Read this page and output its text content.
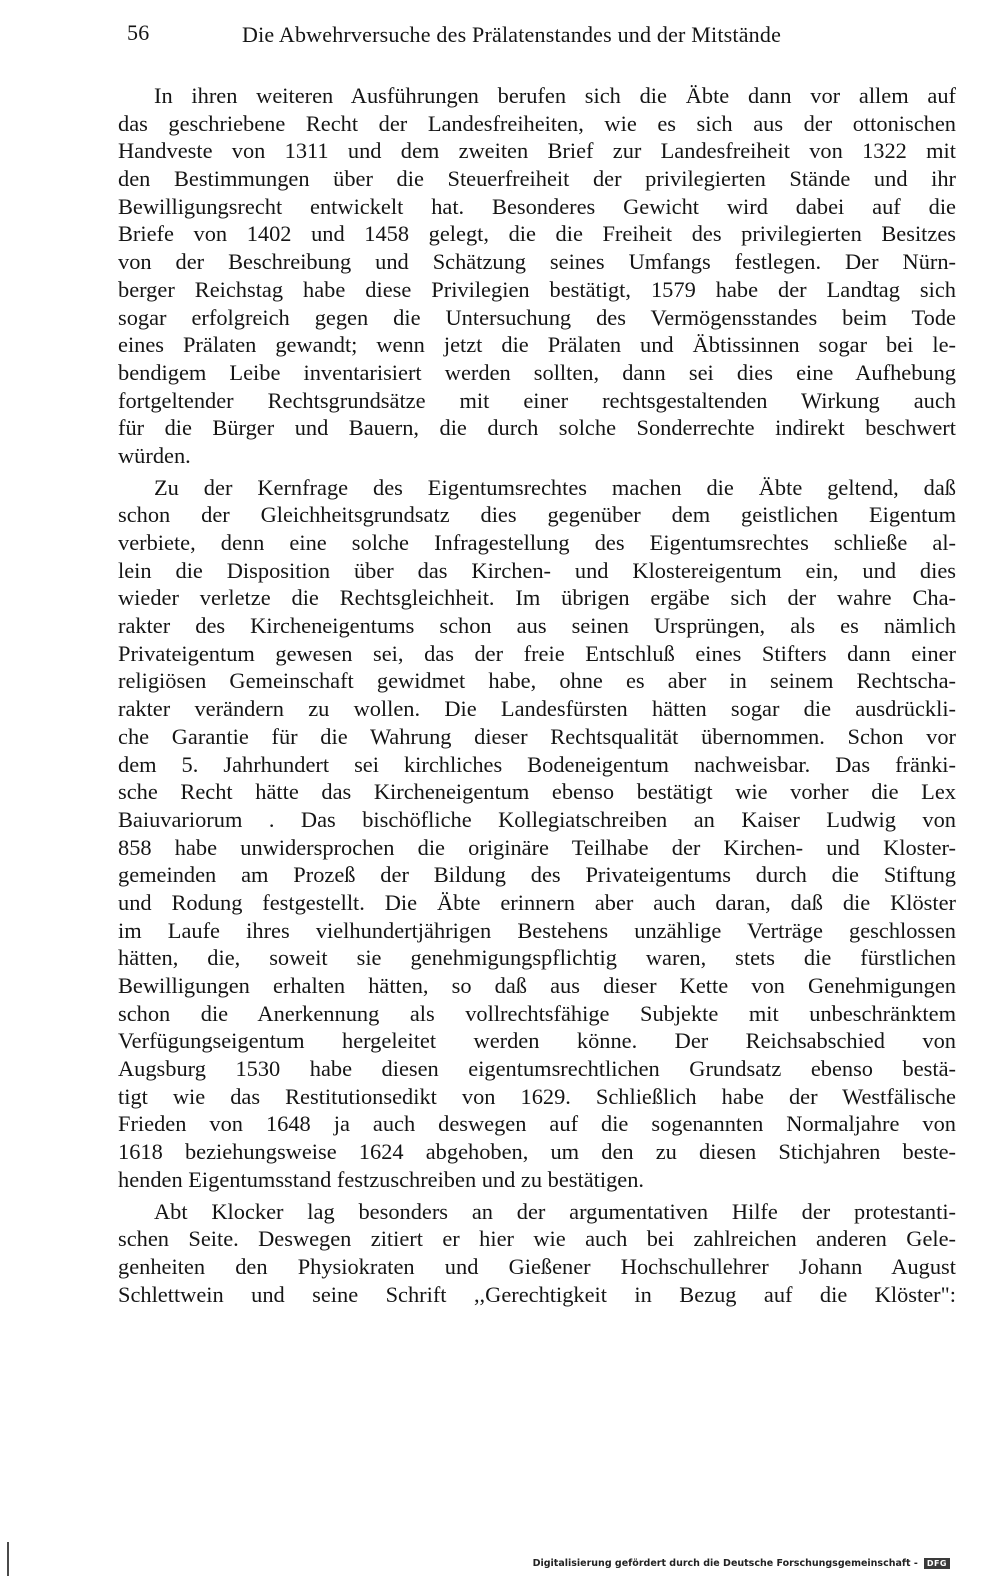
56	Die Abwehrversuche des Prälatenstandes und der Mitstände
In ihren weiteren Ausführungen berufen sich die Äbte dann vor allem auf
das geschriebene Recht der Landesfreiheiten, wie es sich aus der ottonischen
Handveste von 1311 und dem zweiten Brief zur Landesfreiheit von 1322 mit
den Bestimmungen über die Steuerfreiheit der privilegierten Stände und ihr
Bewilligungsrecht entwickelt hat. Besonderes Gewicht wird dabei auf die
Briefe von 1402 und 1458 gelegt, die die Freiheit des privilegierten Besitzes
von der Beschreibung und Schätzung seines Umfangs festlegen. Der Nürn-
berger Reichstag habe diese Privilegien bestätigt, 1579 habe der Landtag sich
sogar erfolgreich gegen die Untersuchung des Vermögensstandes beim Tode
eines Prälaten gewandt; wenn jetzt die Prälaten und Äbtissinnen sogar bei le-
bendigem Leibe inventarisiert werden sollten, dann sei dies eine Aufhebung
fortgeltender Rechtsgrundsätze mit einer rechtsgestaltenden Wirkung auch
für die Bürger und Bauern, die durch solche Sonderrechte indirekt beschwert
würden.
Zu der Kernfrage des Eigentumsrechtes machen die Äbte geltend, daß
schon der Gleichheitsgrundsatz dies gegenüber dem geistlichen Eigentum
verbiete, denn eine solche Infragestellung des Eigentumsrechtes schließe al-
lein die Disposition über das Kirchen- und Klostereigentum ein, und dies
wieder verletze die Rechtsgleichheit. Im übrigen ergäbe sich der wahre Cha-
rakter des Kircheneigentums schon aus seinen Ursprüngen, als es nämlich
Privateigentum gewesen sei, das der freie Entschluß eines Stifters dann einer
religiösen Gemeinschaft gewidmet habe, ohne es aber in seinem Rechtscha-
rakter verändern zu wollen. Die Landesfürsten hätten sogar die ausdrückli-
che Garantie für die Wahrung dieser Rechtsqualität übernommen. Schon vor
dem 5. Jahrhundert sei kirchliches Bodeneigentum nachweisbar. Das fränki-
sche Recht hätte das Kircheneigentum ebenso bestätigt wie vorher die Lex
Baiuvariorum . Das bischöfliche Kollegiatschreiben an Kaiser Ludwig von
858 habe unwidersprochen die originäre Teilhabe der Kirchen- und Kloster-
gemeinden am Prozeß der Bildung des Privateigentums durch die Stiftung
und Rodung festgestellt. Die Äbte erinnern aber auch daran, daß die Klöster
im Laufe ihres vielhundertjährigen Bestehens unzählige Verträge geschlossen
hätten, die, soweit sie genehmigungspflichtig waren, stets die fürstlichen
Bewilligungen erhalten hätten, so daß aus dieser Kette von Genehmigungen
schon die Anerkennung als vollrechtsfähige Subjekte mit unbeschränktem
Verfügungseigentum hergeleitet werden könne. Der Reichsabschied von
Augsburg 1530 habe diesen eigentumsrechtlichen Grundsatz ebenso bestä-
tigt wie das Restitutionsedikt von 1629. Schließlich habe der Westfälische
Frieden von 1648 ja auch deswegen auf die sogenannten Normaljahre von
1618 beziehungsweise 1624 abgehoben, um den zu diesen Stichjahren beste-
henden Eigentumsstand festzuschreiben und zu bestätigen.
Abt Klocker lag besonders an der argumentativen Hilfe der protestanti-
schen Seite. Deswegen zitiert er hier wie auch bei zahlreichen anderen Gele-
genheiten den Physiokraten und Gießener Hochschullehrer Johann August
Schlettwein und seine Schrift ,,Gerechtigkeit in Bezug auf die Klöster":
Digitalisierung gefördert durch die Deutsche Forschungsgemeinschaft -	DFG
